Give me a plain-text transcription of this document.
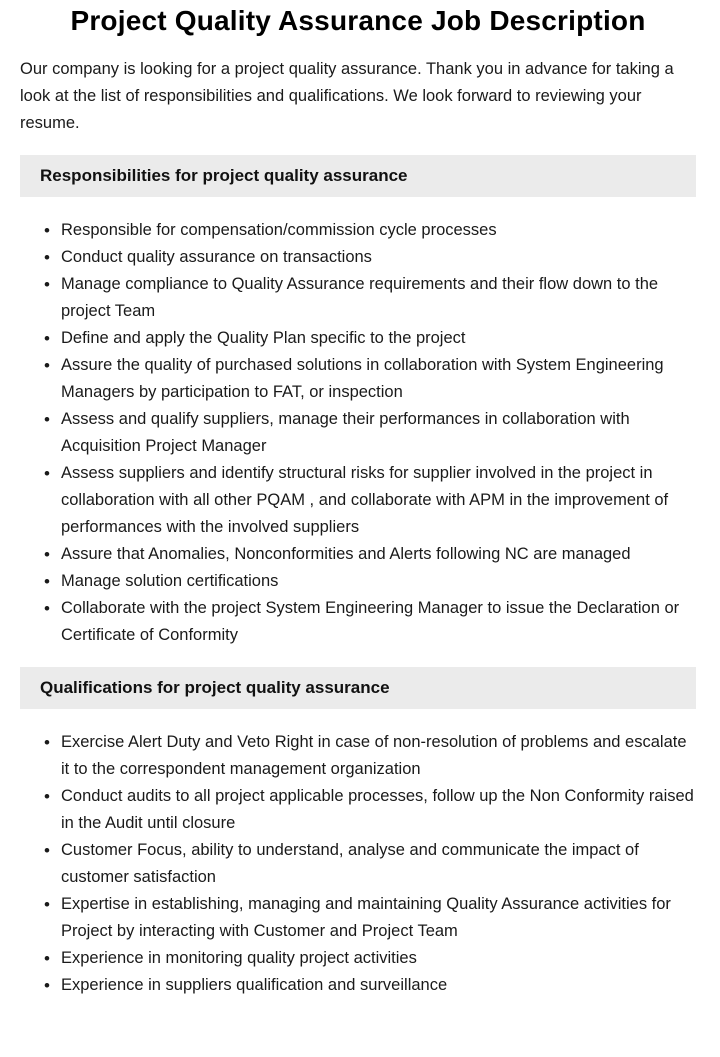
Project Quality Assurance Job Description

Our company is looking for a project quality assurance. Thank you in advance for taking a look at the list of responsibilities and qualifications. We look forward to reviewing your resume.

Responsibilities for project quality assurance
• Responsible for compensation/commission cycle processes
• Conduct quality assurance on transactions
• Manage compliance to Quality Assurance requirements and their flow down to the project Team
• Define and apply the Quality Plan specific to the project
• Assure the quality of purchased solutions in collaboration with System Engineering Managers by participation to FAT, or inspection
• Assess and qualify suppliers, manage their performances in collaboration with Acquisition Project Manager
• Assess suppliers and identify structural risks for supplier involved in the project in collaboration with all other PQAM , and collaborate with APM in the improvement of performances with the involved suppliers
• Assure that Anomalies, Nonconformities and Alerts following NC are managed
• Manage solution certifications
• Collaborate with the project System Engineering Manager to issue the Declaration or Certificate of Conformity
Qualifications for project quality assurance
• Exercise Alert Duty and Veto Right in case of non-resolution of problems and escalate it to the correspondent management organization
• Conduct audits to all project applicable processes, follow up the Non Conformity raised in the Audit until closure
• Customer Focus, ability to understand, analyse and communicate the impact of customer satisfaction
• Expertise in establishing, managing and maintaining Quality Assurance activities for Project by interacting with Customer and Project Team
• Experience in monitoring quality project activities
• Experience in suppliers qualification and surveillance
